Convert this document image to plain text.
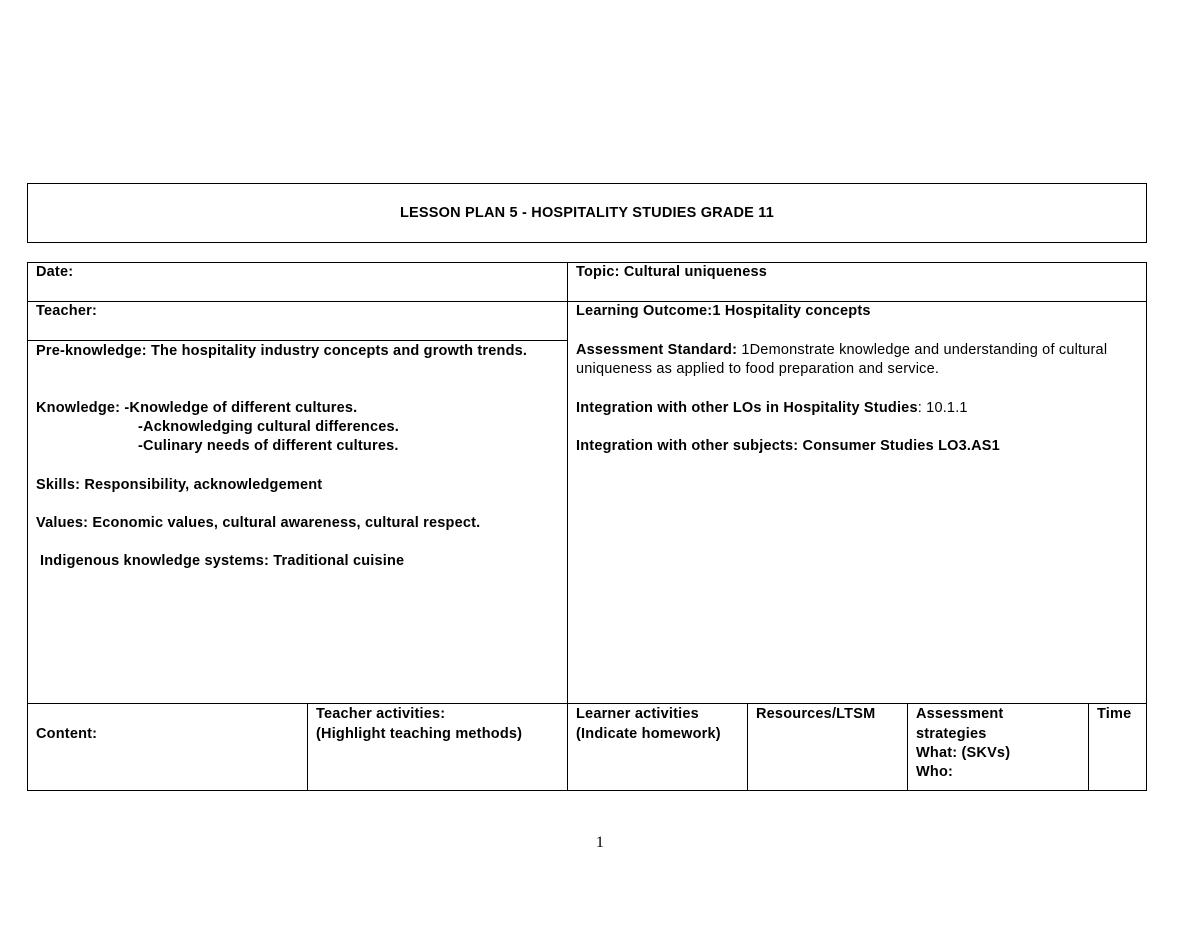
LESSON PLAN 5 - HOSPITALITY STUDIES GRADE 11
Date:
Teacher:
Pre-knowledge: The hospitality industry concepts and growth trends.
Knowledge: -Knowledge of different cultures.
-Acknowledging cultural differences.
-Culinary needs of different cultures.
Skills: Responsibility, acknowledgement
Values: Economic values, cultural awareness, cultural respect.
Indigenous knowledge systems: Traditional cuisine
Topic: Cultural uniqueness
Learning Outcome:1 Hospitality concepts
Assessment Standard: 1Demonstrate knowledge and understanding of cultural uniqueness as applied to food preparation and service.
Integration with other LOs in Hospitality Studies: 10.1.1
Integration with other subjects: Consumer Studies LO3.AS1
Content:
Teacher activities:
(Highlight teaching methods)
Learner activities
(Indicate homework)
Resources/LTSM	Assessment
strategies
What: (SKVs)
Who:
Time
1
